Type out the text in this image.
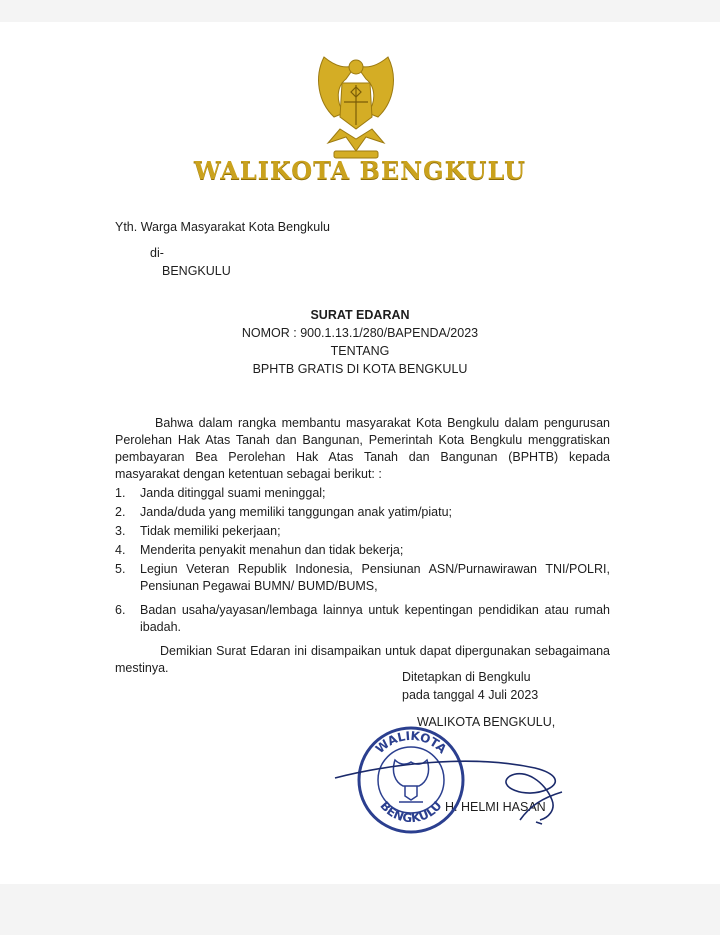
WALIKOTA BENGKULU
Yth. Warga Masyarakat Kota Bengkulu
di-
BENGKULU
SURAT EDARAN
NOMOR : 900.1.13.1/280/BAPENDA/2023
TENTANG
BPHTB GRATIS DI KOTA BENGKULU
Bahwa dalam rangka membantu masyarakat Kota Bengkulu dalam pengurusan Perolehan Hak Atas Tanah dan Bangunan, Pemerintah Kota Bengkulu menggratiskan pembayaran Bea Perolehan Hak Atas Tanah dan Bangunan (BPHTB) kepada masyarakat dengan ketentuan sebagai berikut: :
1. Janda ditinggal suami meninggal;
2. Janda/duda yang memiliki tanggungan anak yatim/piatu;
3. Tidak memiliki pekerjaan;
4. Menderita penyakit menahun dan tidak bekerja;
5. Legiun Veteran Republik Indonesia, Pensiunan ASN/Purnawirawan TNI/POLRI, Pensiunan Pegawai BUMN/ BUMD/BUMS,
6. Badan usaha/yayasan/lembaga lainnya untuk kepentingan pendidikan atau rumah ibadah.
Demikian Surat Edaran ini disampaikan untuk dapat dipergunakan sebagaimana mestinya.
Ditetapkan di Bengkulu
pada tanggal 4 Juli 2023
WALIKOTA BENGKULU,
H. HELMI HASAN
WALIKOTA
BENGKULU
